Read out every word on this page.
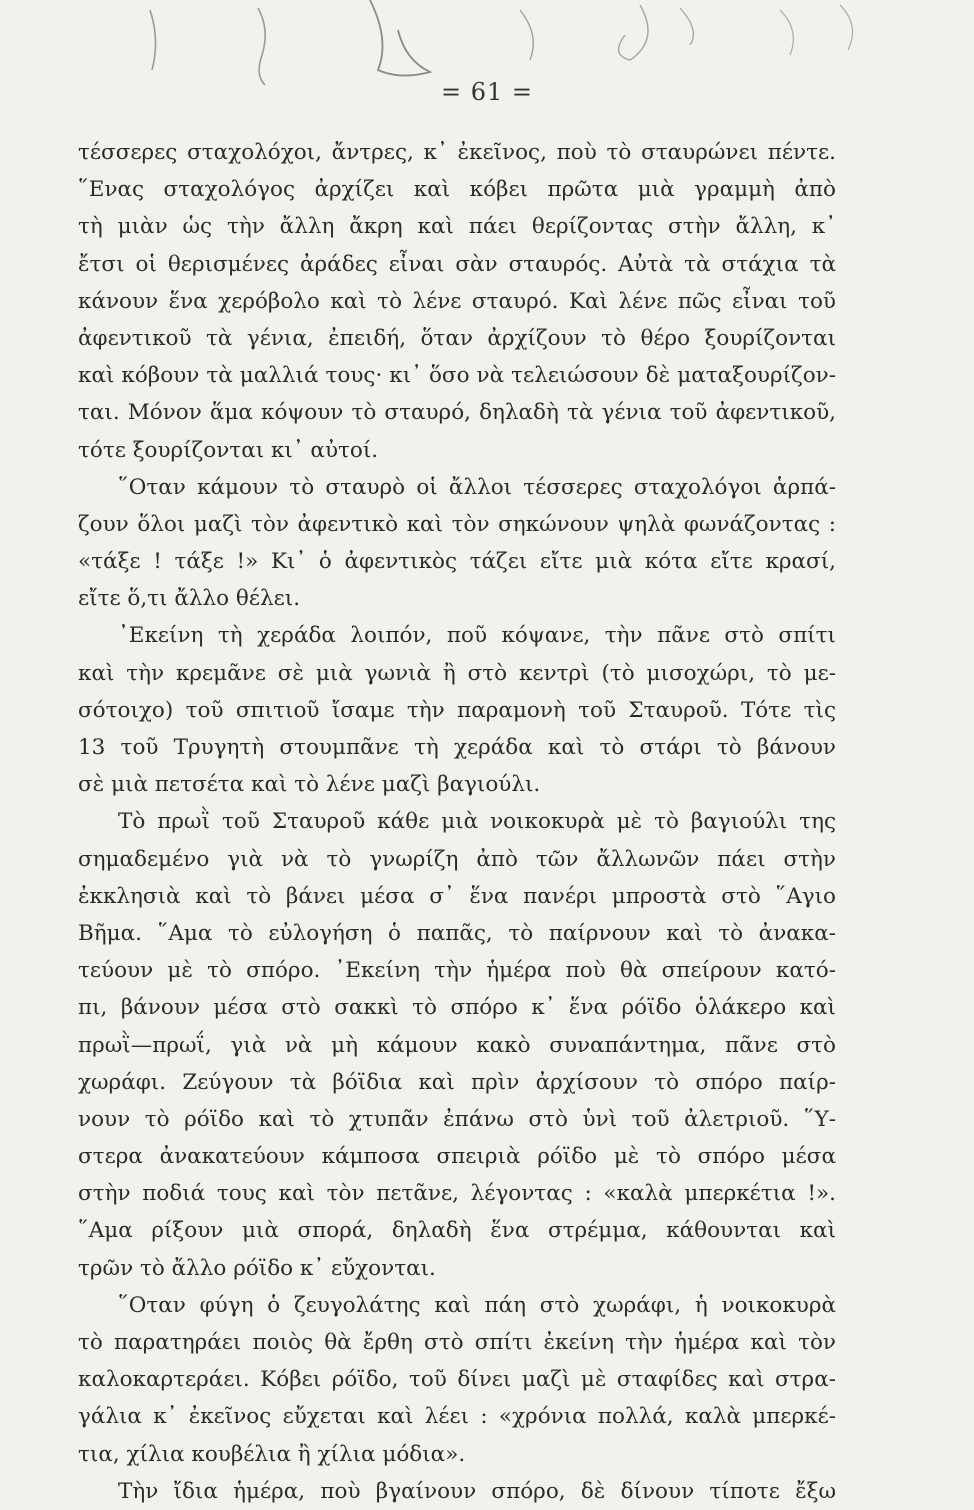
= 61 =
τέσσερες σταχολόχοι, ἄντρες, κ᾿ ἐκεῖνος, ποὺ τὸ σταυρώνει πέντε.
῞Ενας σταχολόγος ἀρχίζει καὶ κόβει πρῶτα μιὰ γραμμὴ ἀπὸ
τὴ μιὰν ὡς τὴν ἄλλη ἄκρη καὶ πάει θερίζοντας στὴν ἄλλη, κ᾿
ἔτσι οἱ θερισμένες ἀράδες εἶναι σὰν σταυρός. Αὐτὰ τὰ στάχια τὰ
κάνουν ἕνα χερόβολο καὶ τὸ λένε σταυρό. Καὶ λένε πῶς εἶναι τοῦ
ἀφεντικοῦ τὰ γένια, ἐπειδή, ὅταν ἀρχίζουν τὸ θέρο ξουρίζονται
καὶ κόβουν τὰ μαλλιά τους· κι᾿ ὅσο νὰ τελειώσουν δὲ ματαξουρίζον-
ται. Μόνον ἅμα κόψουν τὸ σταυρό, δηλαδὴ τὰ γένια τοῦ ἀφεντικοῦ,
τότε ξουρίζονται κι᾿ αὐτοί.
῞Οταν κάμουν τὸ σταυρὸ οἱ ἄλλοι τέσσερες σταχολόγοι ἁρπά-
ζουν ὅλοι μαζὶ τὸν ἀφεντικὸ καὶ τὸν σηκώνουν ψηλὰ φωνάζοντας :
«τάξε ! τάξε !» Κι᾿ ὁ ἀφεντικὸς τάζει εἴτε μιὰ κότα εἴτε κρασί,
εἴτε ὅ,τι ἄλλο θέλει.
᾿Εκείνη τὴ χεράδα λοιπόν, ποῦ κόψανε, τὴν πᾶνε στὸ σπίτι
καὶ τὴν κρεμᾶνε σὲ μιὰ γωνιὰ ἢ στὸ κεντρὶ (τὸ μισοχώρι, τὸ με-
σότοιχο) τοῦ σπιτιοῦ ἴσαμε τὴν παραμονὴ τοῦ Σταυροῦ. Τότε τὶς
13 τοῦ Τρυγητὴ στουμπᾶνε τὴ χεράδα καὶ τὸ στάρι τὸ βάνουν
σὲ μιὰ πετσέτα καὶ τὸ λένε μαζὶ βαγιούλι.
Τὸ πρωῒ τοῦ Σταυροῦ κάθε μιὰ νοικοκυρὰ μὲ τὸ βαγιούλι της
σημαδεμένο γιὰ νὰ τὸ γνωρίζη ἀπὸ τῶν ἄλλωνῶν πάει στὴν
ἐκκλησιὰ καὶ τὸ βάνει μέσα σ᾿ ἕνα πανέρι μπροστὰ στὸ ῞Αγιο
Βῆμα. ῞Αμα τὸ εὐλογήση ὁ παπᾶς, τὸ παίρνουν καὶ τὸ ἀνακα-
τεύουν μὲ τὸ σπόρο. ᾿Εκείνη τὴν ἡμέρα ποὺ θὰ σπείρουν κατό-
πι, βάνουν μέσα στὸ σακκὶ τὸ σπόρο κ᾿ ἕνα ρόϊδο ὁλάκερο καὶ
πρωῒ—πρωΐ, γιὰ νὰ μὴ κάμουν κακὸ συναπάντημα, πᾶνε στὸ
χωράφι. Ζεύγουν τὰ βόϊδια καὶ πρὶν ἀρχίσουν τὸ σπόρο παίρ-
νουν τὸ ρόϊδο καὶ τὸ χτυπᾶν ἐπάνω στὸ ὑνὶ τοῦ ἀλετριοῦ. ῞Υ-
στερα ἀνακατεύουν κάμποσα σπειριὰ ρόϊδο μὲ τὸ σπόρο μέσα
στὴν ποδιά τους καὶ τὸν πετᾶνε, λέγοντας : «καλὰ μπερκέτια !».
῞Αμα ρίξουν μιὰ σπορά, δηλαδὴ ἕνα στρέμμα, κάθουνται καὶ
τρῶν τὸ ἄλλο ρόϊδο κ᾿ εὔχονται.
῞Οταν φύγη ὁ ζευγολάτης καὶ πάη στὸ χωράφι, ἡ νοικοκυρὰ
τὸ παρατηράει ποιὸς θὰ ἔρθη στὸ σπίτι ἐκείνη τὴν ἡμέρα καὶ τὸν
καλοκαρτεράει. Κόβει ρόϊδο, τοῦ δίνει μαζὶ μὲ σταφίδες καὶ στρα-
γάλια κ᾿ ἐκεῖνος εὔχεται καὶ λέει : «χρόνια πολλά, καλὰ μπερκέ-
τια, χίλια κουβέλια ἢ χίλια μόδια».
Τὴν ἴδια ἡμέρα, ποὺ βγαίνουν σπόρο, δὲ δίνουν τίποτε ἔξω
